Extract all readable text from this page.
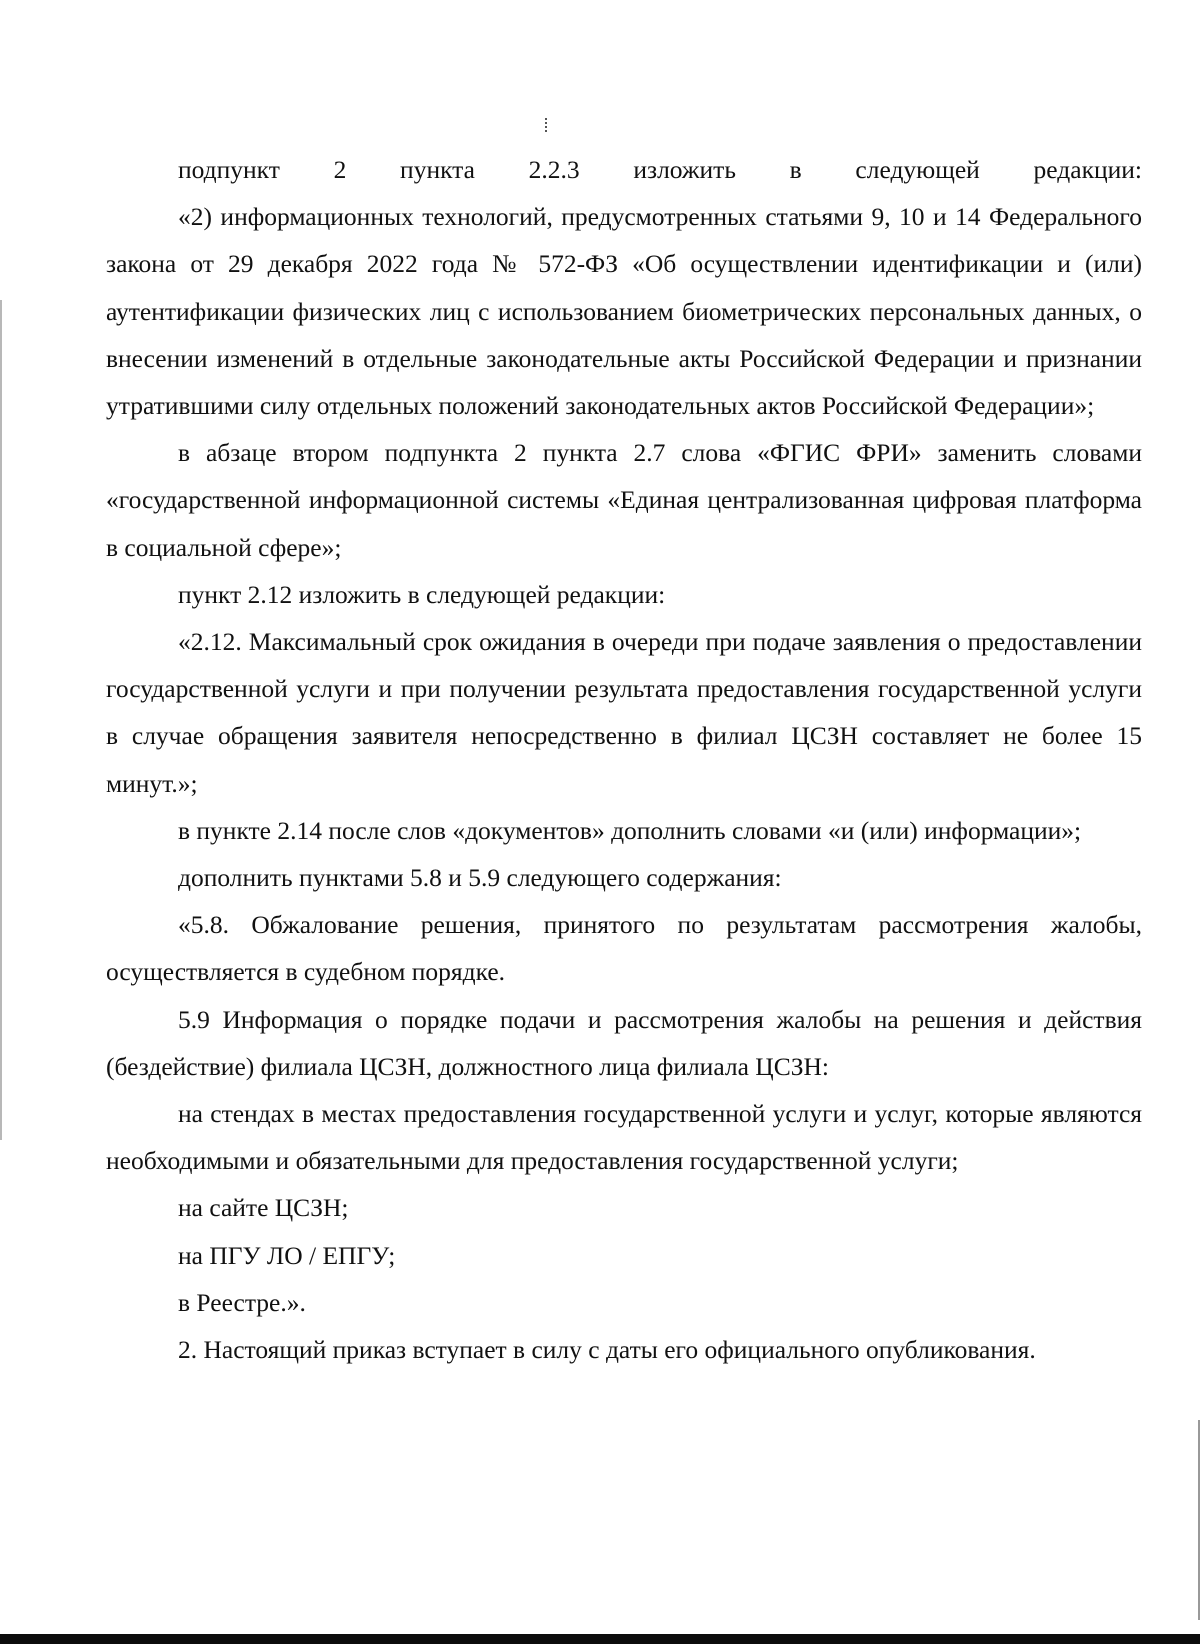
подпункт 2 пункта 2.2.3 изложить в следующей редакции:

«2) информационных технологий, предусмотренных статьями 9, 10 и 14 Федерального закона от 29 декабря 2022 года № 572-ФЗ «Об осуществлении идентификации и (или) аутентификации физических лиц с использованием биометрических персональных данных, о внесении изменений в отдельные законодательные акты Российской Федерации и признании утратившими силу отдельных положений законодательных актов Российской Федерации»;

в абзаце втором подпункта 2 пункта 2.7 слова «ФГИС ФРИ» заменить словами «государственной информационной системы «Единая централизованная цифровая платформа в социальной сфере»;

пункт 2.12 изложить в следующей редакции:

«2.12. Максимальный срок ожидания в очереди при подаче заявления о предоставлении государственной услуги и при получении результата предоставления государственной услуги в случае обращения заявителя непосредственно в филиал ЦСЗН составляет не более 15 минут.»;

в пункте 2.14 после слов «документов» дополнить словами «и (или) информации»;

дополнить пунктами 5.8 и 5.9 следующего содержания:

«5.8. Обжалование решения, принятого по результатам рассмотрения жалобы, осуществляется в судебном порядке.

5.9 Информация о порядке подачи и рассмотрения жалобы на решения и действия (бездействие) филиала ЦСЗН, должностного лица филиала ЦСЗН:

на стендах в местах предоставления государственной услуги и услуг, которые являются необходимыми и обязательными для предоставления государственной услуги;

на сайте ЦСЗН;

на ПГУ ЛО / ЕПГУ;

в Реестре.».

2. Настоящий приказ вступает в силу с даты его официального опубликования.
